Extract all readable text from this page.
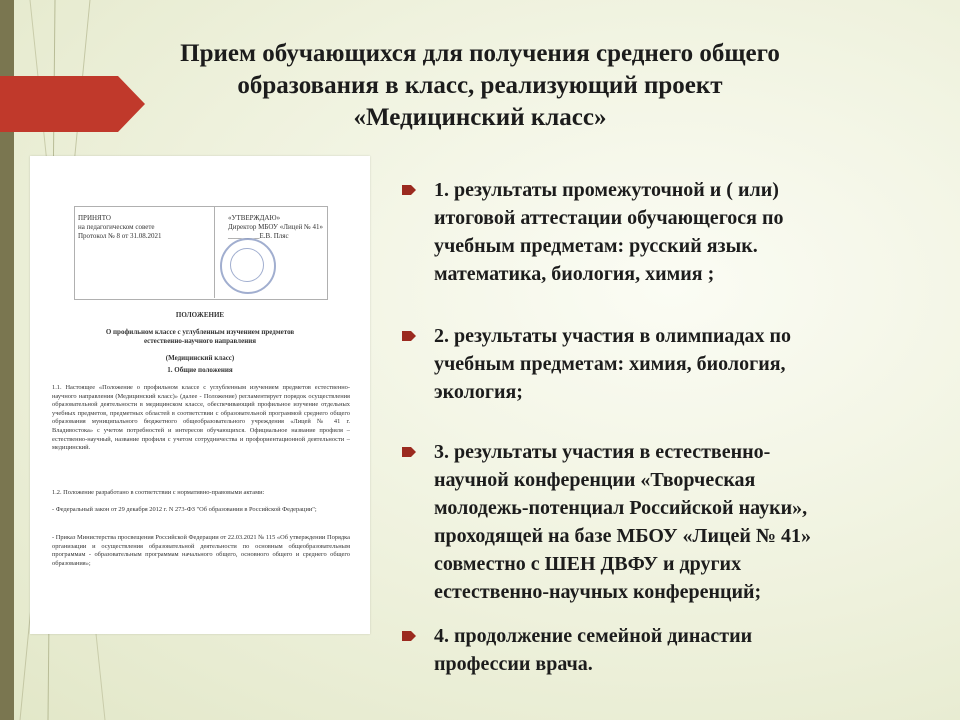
Прием обучающихся для получения среднего общего
образования в класс, реализующий проект
«Медицинский класс»
ПРИНЯТО
на педагогическом совете
Протокол № 8 от 31.08.2021
«УТВЕРЖДАЮ»
Директор МБОУ «Лицей № 41»
_________Е.В. Пляс
ПОЛОЖЕНИЕ
О профильном классе с углубленным изучением предметов
естественно-научного направления
(Медицинский класс)
1. Общие положения
1.1. Настоящее «Положение о профильном классе с углубленным изучением предметов естественно-научного направления (Медицинский класс)» (далее - Положение) регламентирует порядок осуществления образовательной деятельности в медицинском классе, обеспечивающий профильное изучение отдельных учебных предметов, предметных областей в соответствии с образовательной программой среднего общего образования муниципального бюджетного общеобразовательного учреждения «Лицей № 41 г. Владивостока» с учетом потребностей и интересов обучающихся. Официальное название профиля – естественно-научный, название профиля с учетом сотрудничества и профориентационной деятельности – медицинский.
1.2. Положение разработано в соответствии с нормативно-правовыми актами:
- Федеральный закон от 29 декабря 2012 г. N 273-ФЗ "Об образовании в Российской Федерации";
- Приказ Министерства просвещения Российской Федерации от 22.03.2021 № 115 «Об утверждении Порядка организации и осуществления образовательной деятельности по основным общеобразовательным программам - образовательным программам начального общего, основного общего и среднего общего образования»;
1. результаты промежуточной и ( или)
итоговой аттестации обучающегося по
учебным предметам: русский язык.
математика, биология, химия ;
2. результаты участия в олимпиадах по
учебным предметам: химия, биология,
экология;
3. результаты участия в естественно-
научной конференции «Творческая
молодежь-потенциал Российской науки»,
проходящей на базе МБОУ «Лицей № 41»
совместно с ШЕН ДВФУ и других
естественно-научных конференций;
4. продолжение семейной династии
профессии врача.
